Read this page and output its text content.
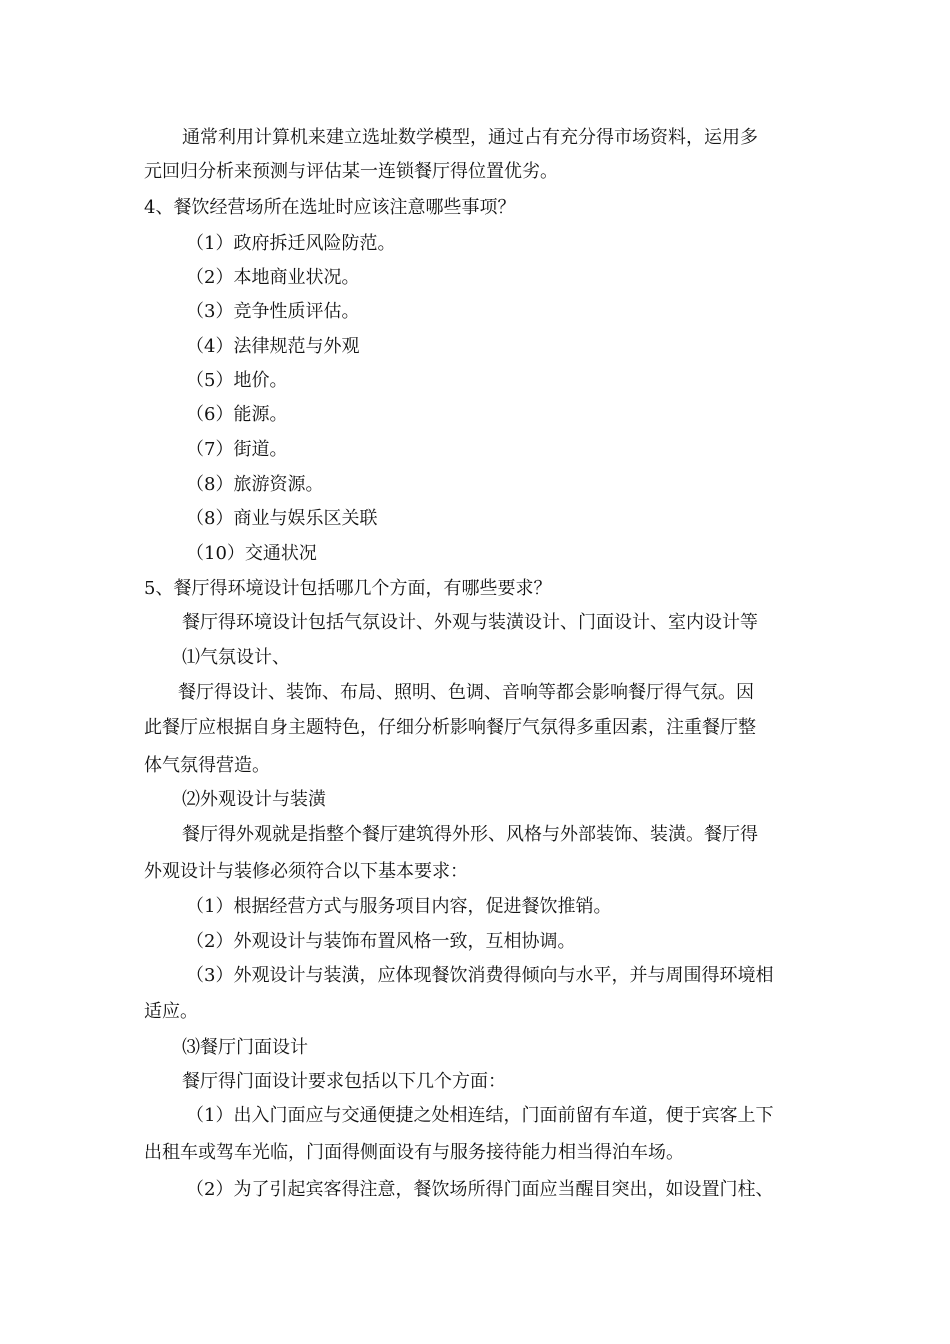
通常利用计算机来建立选址数学模型，通过占有充分得市场资料，运用多
元回归分析来预测与评估某一连锁餐厅得位置优劣。
4、餐饮经营场所在选址时应该注意哪些事项？
（1）政府拆迁风险防范。
（2）本地商业状况。
（3）竞争性质评估。
（4）法律规范与外观
（5）地价。
（6）能源。
（7）街道。
（8）旅游资源。
（8）商业与娱乐区关联
（10）交通状况
5、餐厅得环境设计包括哪几个方面，有哪些要求？
餐厅得环境设计包括气氛设计、外观与装潢设计、门面设计、室内设计等
⑴气氛设计、
餐厅得设计、装饰、布局、照明、色调、音响等都会影响餐厅得气氛。因
此餐厅应根据自身主题特色，仔细分析影响餐厅气氛得多重因素，注重餐厅整
体气氛得营造。
⑵外观设计与装潢
餐厅得外观就是指整个餐厅建筑得外形、风格与外部装饰、装潢。餐厅得
外观设计与装修必须符合以下基本要求：
（1）根据经营方式与服务项目内容，促进餐饮推销。
（2）外观设计与装饰布置风格一致，互相协调。
（3）外观设计与装潢，应体现餐饮消费得倾向与水平，并与周围得环境相
适应。
⑶餐厅门面设计
餐厅得门面设计要求包括以下几个方面：
（1）出入门面应与交通便捷之处相连结，门面前留有车道，便于宾客上下
出租车或驾车光临，门面得侧面设有与服务接待能力相当得泊车场。
（2）为了引起宾客得注意，餐饮场所得门面应当醒目突出，如设置门柱、
